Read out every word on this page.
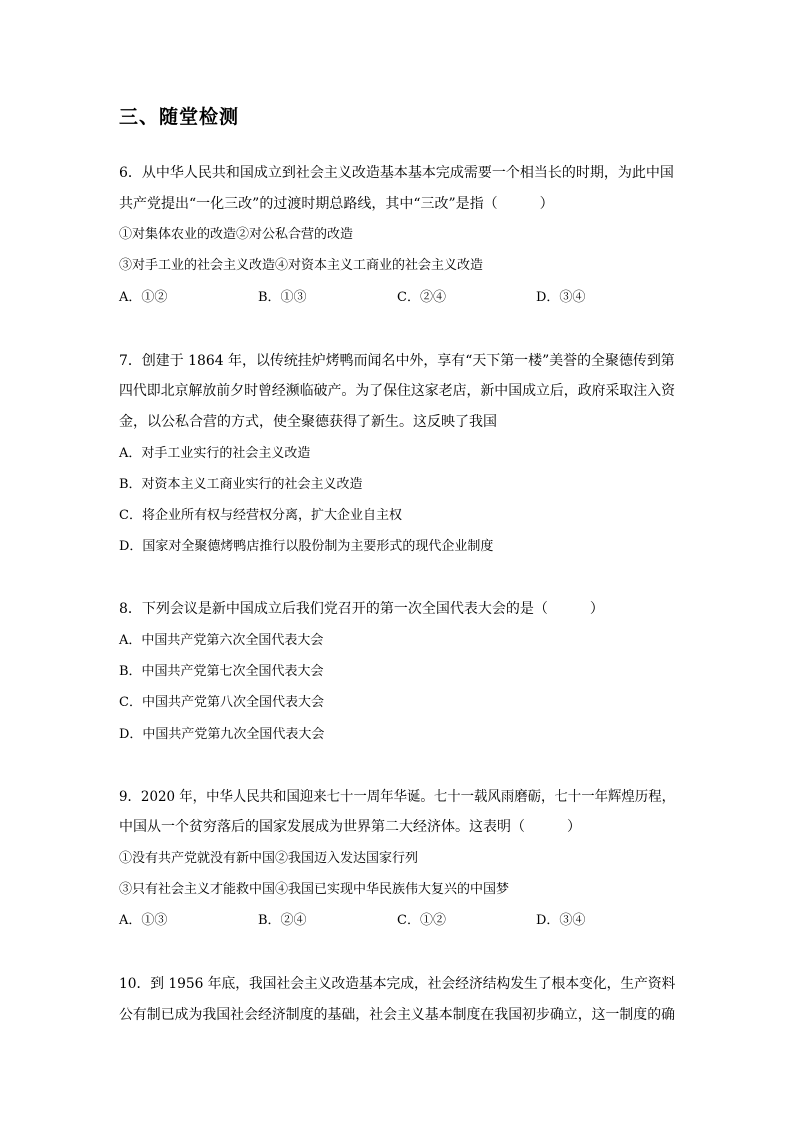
三、随堂检测
6．从中华人民共和国成立到社会主义改造基本基本完成需要一个相当长的时期，为此中国
共产党提出“一化三改”的过渡时期总路线，其中“三改”是指（　　　）
①对集体农业的改造②对公私合营的改造
③对手工业的社会主义改造④对资本主义工商业的社会主义改造
A．①②	B．①③	C．②④	D．③④
7．创建于 1864 年，以传统挂炉烤鸭而闻名中外，享有“天下第一楼”美誉的全聚德传到第
四代即北京解放前夕时曾经濒临破产。为了保住这家老店，新中国成立后，政府采取注入资
金，以公私合营的方式，使全聚德获得了新生。这反映了我国
A．对手工业实行的社会主义改造
B．对资本主义工商业实行的社会主义改造
C．将企业所有权与经营权分离，扩大企业自主权
D．国家对全聚德烤鸭店推行以股份制为主要形式的现代企业制度
8．下列会议是新中国成立后我们党召开的第一次全国代表大会的是（　　　）
A．中国共产党第六次全国代表大会
B．中国共产党第七次全国代表大会
C．中国共产党第八次全国代表大会
D．中国共产党第九次全国代表大会
9．2020 年，中华人民共和国迎来七十一周年华诞。七十一载风雨磨砺，七十一年辉煌历程，
中国从一个贫穷落后的国家发展成为世界第二大经济体。这表明（　　　）
①没有共产党就没有新中国②我国迈入发达国家行列
③只有社会主义才能救中国④我国已实现中华民族伟大复兴的中国梦
A．①③	B．②④	C．①②	D．③④
10．到 1956 年底，我国社会主义改造基本完成，社会经济结构发生了根本变化，生产资料
公有制已成为我国社会经济制度的基础，社会主义基本制度在我国初步确立，这一制度的确
